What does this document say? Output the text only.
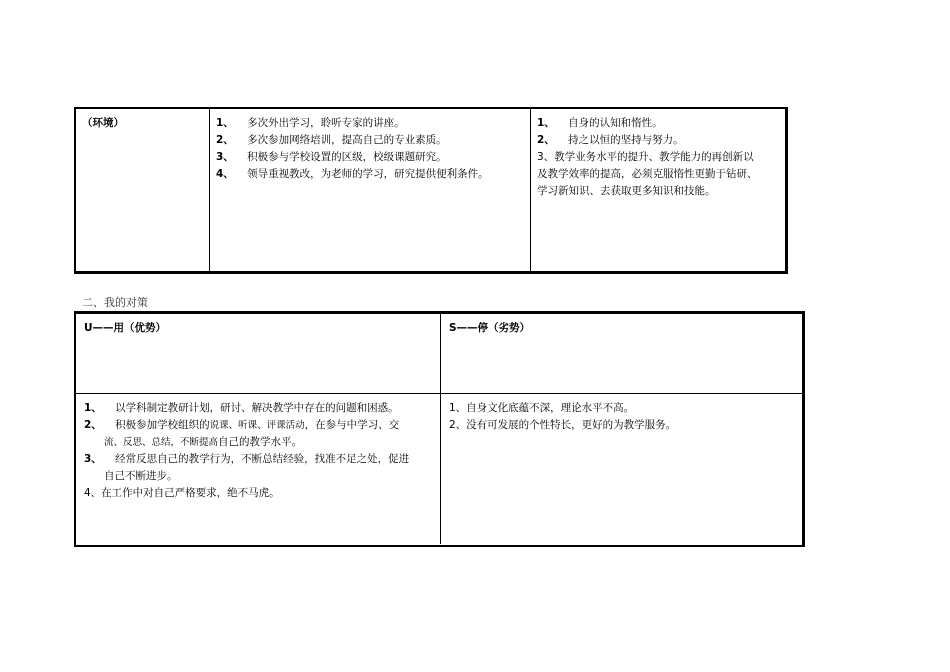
（环境）	1、 多次外出学习，聆听专家的讲座。
2、 多次参加网络培训，提高自己的专业素质。
3、 积极参与学校设置的区级，校级课题研究。
4、 领导重视教改，为老师的学习，研究提供便利条件。
1、 自身的认知和惰性。
2、 持之以恒的坚持与努力。
3、教学业务水平的提升、教学能力的再创新以
及教学效率的提高，必须克服惰性更勤于钻研、
学习新知识、去获取更多知识和技能。
二、我的对策
U——用（优势）	S——停（劣势）
1、 以学科制定教研计划，研讨、解决教学中存在的问题和困惑。
2、 积极参加学校组织的说课、听课、评课活动，在参与中学习、交
流、反思、总结，不断提高自己的教学水平。
3、 经常反思自己的教学行为，不断总结经验，找准不足之处，促进
自己不断进步。
4、在工作中对自己严格要求，绝不马虎。
1、自身文化底蕴不深，理论水平不高。
2、没有可发展的个性特长，更好的为教学服务。
